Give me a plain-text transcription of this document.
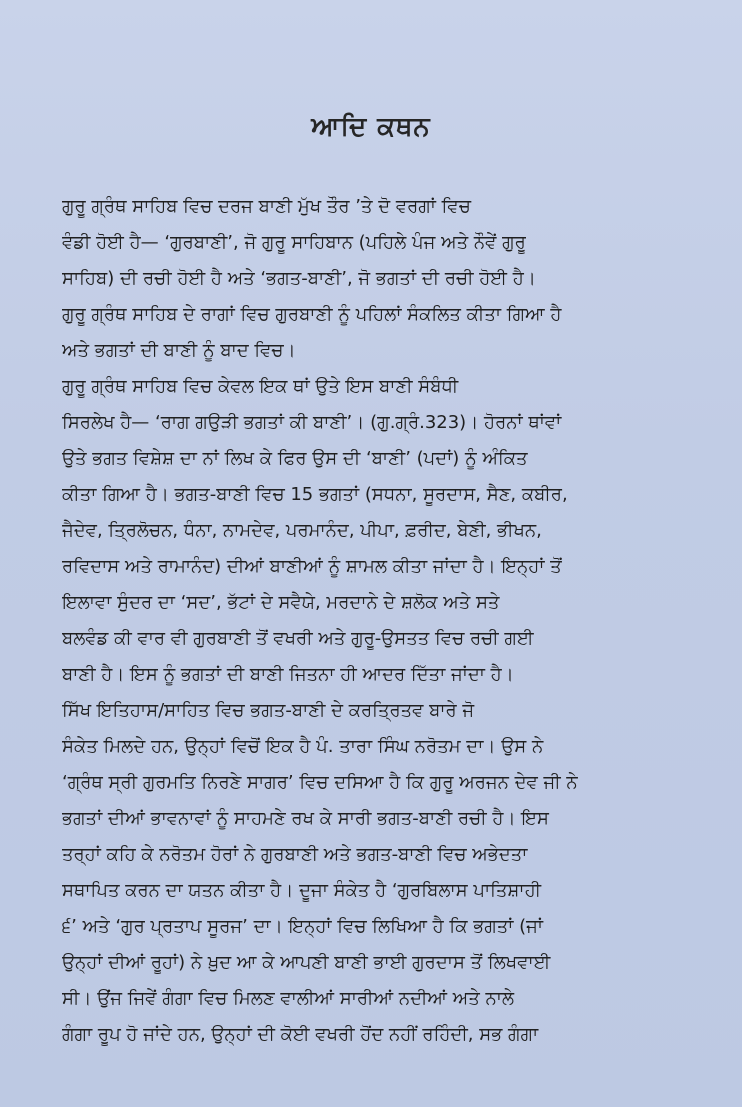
ਆਦਿ ਕਥਨ
ਗੁਰੂ ਗ੍ਰੰਥ ਸਾਹਿਬ ਵਿਚ ਦਰਜ ਬਾਣੀ ਮੁੱਖ ਤੌਰ ’ਤੇ ਦੋ ਵਰਗਾਂ ਵਿਚ
ਵੰਡੀ ਹੋਈ ਹੈ— ‘ਗੁਰਬਾਣੀ’, ਜੋ ਗੁਰੂ ਸਾਹਿਬਾਨ (ਪਹਿਲੇ ਪੰਜ ਅਤੇ ਨੌਵੇਂ ਗੁਰੂ
ਸਾਹਿਬ) ਦੀ ਰਚੀ ਹੋਈ ਹੈ ਅਤੇ ‘ਭਗਤ-ਬਾਣੀ’, ਜੋ ਭਗਤਾਂ ਦੀ ਰਚੀ ਹੋਈ ਹੈ।
ਗੁਰੂ ਗ੍ਰੰਥ ਸਾਹਿਬ ਦੇ ਰਾਗਾਂ ਵਿਚ ਗੁਰਬਾਣੀ ਨੂੰ ਪਹਿਲਾਂ ਸੰਕਲਿਤ ਕੀਤਾ ਗਿਆ ਹੈ
ਅਤੇ ਭਗਤਾਂ ਦੀ ਬਾਣੀ ਨੂੰ ਬਾਦ ਵਿਚ।
ਗੁਰੂ ਗ੍ਰੰਥ ਸਾਹਿਬ ਵਿਚ ਕੇਵਲ ਇਕ ਥਾਂ ਉਤੇ ਇਸ ਬਾਣੀ ਸੰਬੰਧੀ
ਸਿਰਲੇਖ ਹੈ— ‘ਰਾਗ ਗਉੜੀ ਭਗਤਾਂ ਕੀ ਬਾਣੀ’। (ਗੁ.ਗ੍ਰੰ.323)। ਹੋਰਨਾਂ ਥਾਂਵਾਂ
ਉਤੇ ਭਗਤ ਵਿਸ਼ੇਸ਼ ਦਾ ਨਾਂ ਲਿਖ ਕੇ ਫਿਰ ਉਸ ਦੀ ‘ਬਾਣੀ’ (ਪਦਾਂ) ਨੂੰ ਅੰਕਿਤ
ਕੀਤਾ ਗਿਆ ਹੈ। ਭਗਤ-ਬਾਣੀ ਵਿਚ 15 ਭਗਤਾਂ (ਸਧਨਾ, ਸੂਰਦਾਸ, ਸੈਣ, ਕਬੀਰ,
ਜੈਦੇਵ, ਤ੍ਰਿਲੋਚਨ, ਧੰਨਾ, ਨਾਮਦੇਵ, ਪਰਮਾਨੰਦ, ਪੀਪਾ, ਫ਼ਰੀਦ, ਬੇਣੀ, ਭੀਖਨ,
ਰਵਿਦਾਸ ਅਤੇ ਰਾਮਾਨੰਦ) ਦੀਆਂ ਬਾਣੀਆਂ ਨੂੰ ਸ਼ਾਮਲ ਕੀਤਾ ਜਾਂਦਾ ਹੈ। ਇਨ੍ਹਾਂ ਤੋਂ
ਇਲਾਵਾ ਸੁੰਦਰ ਦਾ ‘ਸਦ’, ਭੱਟਾਂ ਦੇ ਸਵੈਯੇ, ਮਰਦਾਨੇ ਦੇ ਸ਼ਲੋਕ ਅਤੇ ਸਤੇ
ਬਲਵੰਡ ਕੀ ਵਾਰ ਵੀ ਗੁਰਬਾਣੀ ਤੋਂ ਵਖਰੀ ਅਤੇ ਗੁਰੂ-ਉਸਤਤ ਵਿਚ ਰਚੀ ਗਈ
ਬਾਣੀ ਹੈ। ਇਸ ਨੂੰ ਭਗਤਾਂ ਦੀ ਬਾਣੀ ਜਿਤਨਾ ਹੀ ਆਦਰ ਦਿੱਤਾ ਜਾਂਦਾ ਹੈ।
ਸਿੱਖ ਇਤਿਹਾਸ/ਸਾਹਿਤ ਵਿਚ ਭਗਤ-ਬਾਣੀ ਦੇ ਕਰਤ੍ਰਿਤਵ ਬਾਰੇ ਜੋ
ਸੰਕੇਤ ਮਿਲਦੇ ਹਨ, ਉਨ੍ਹਾਂ ਵਿਚੋਂ ਇਕ ਹੈ ਪੰ. ਤਾਰਾ ਸਿੰਘ ਨਰੋਤਮ ਦਾ। ਉਸ ਨੇ
‘ਗ੍ਰੰਥ ਸ੍ਰੀ ਗੁਰਮਤਿ ਨਿਰਣੇ ਸਾਗਰ’ ਵਿਚ ਦਸਿਆ ਹੈ ਕਿ ਗੁਰੂ ਅਰਜਨ ਦੇਵ ਜੀ ਨੇ
ਭਗਤਾਂ ਦੀਆਂ ਭਾਵਨਾਵਾਂ ਨੂੰ ਸਾਹਮਣੇ ਰਖ ਕੇ ਸਾਰੀ ਭਗਤ-ਬਾਣੀ ਰਚੀ ਹੈ। ਇਸ
ਤਰ੍ਹਾਂ ਕਹਿ ਕੇ ਨਰੋਤਮ ਹੋਰਾਂ ਨੇ ਗੁਰਬਾਣੀ ਅਤੇ ਭਗਤ-ਬਾਣੀ ਵਿਚ ਅਭੇਦਤਾ
ਸਥਾਪਿਤ ਕਰਨ ਦਾ ਯਤਨ ਕੀਤਾ ਹੈ। ਦੂਜਾ ਸੰਕੇਤ ਹੈ ‘ਗੁਰਬਿਲਾਸ ਪਾਤਿਸ਼ਾਹੀ
੬’ ਅਤੇ ‘ਗੁਰ ਪ੍ਰਤਾਪ ਸੂਰਜ’ ਦਾ। ਇਨ੍ਹਾਂ ਵਿਚ ਲਿਖਿਆ ਹੈ ਕਿ ਭਗਤਾਂ (ਜਾਂ
ਉਨ੍ਹਾਂ ਦੀਆਂ ਰੂਹਾਂ) ਨੇ ਖ਼ੁਦ ਆ ਕੇ ਆਪਣੀ ਬਾਣੀ ਭਾਈ ਗੁਰਦਾਸ ਤੋਂ ਲਿਖਵਾਈ
ਸੀ। ਉਂਜ ਜਿਵੇਂ ਗੰਗਾ ਵਿਚ ਮਿਲਣ ਵਾਲੀਆਂ ਸਾਰੀਆਂ ਨਦੀਆਂ ਅਤੇ ਨਾਲੇ
ਗੰਗਾ ਰੂਪ ਹੋ ਜਾਂਦੇ ਹਨ, ਉਨ੍ਹਾਂ ਦੀ ਕੋਈ ਵਖਰੀ ਹੋਂਦ ਨਹੀਂ ਰਹਿੰਦੀ, ਸਭ ਗੰਗਾ
